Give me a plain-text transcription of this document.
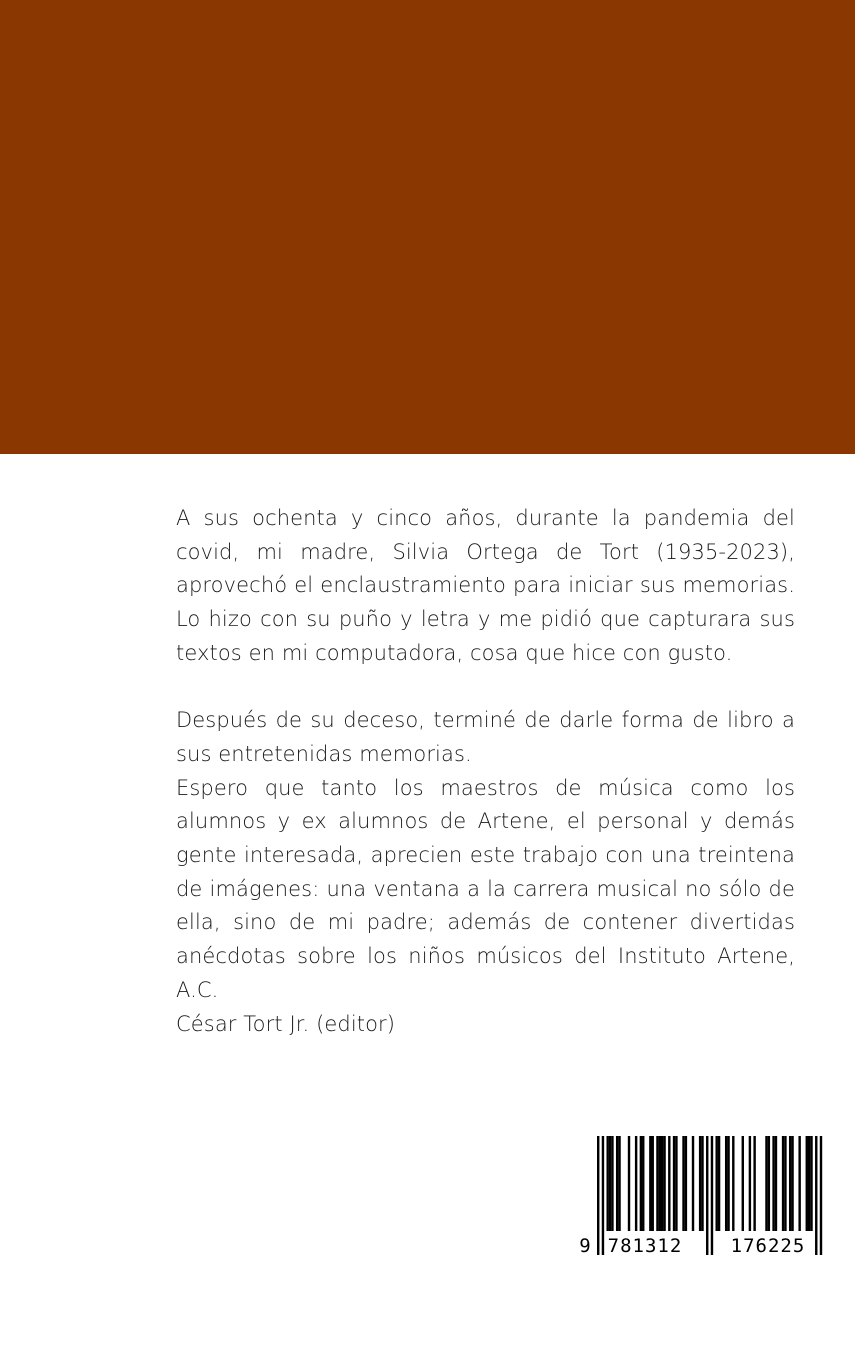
A sus ochenta y cinco años, durante la pandemia del covid, mi madre, Silvia Ortega de Tort (1935-2023), aprovechó el enclaustramiento para iniciar sus memorias. Lo hizo con su puño y letra y me pidió que capturara sus textos en mi computadora, cosa que hice con gusto.

Después de su deceso, terminé de darle forma de libro a sus entretenidas memorias.

Espero que tanto los maestros de música como los alumnos y ex alumnos de Artene, el personal y demás gente interesada, aprecien este trabajo con una treintena de imágenes: una ventana a la carrera musical no sólo de ella, sino de mi padre; además de contener divertidas anécdotas sobre los niños músicos del Instituto Artene, A.C.

César Tort Jr. (editor)

9 781312	176225
